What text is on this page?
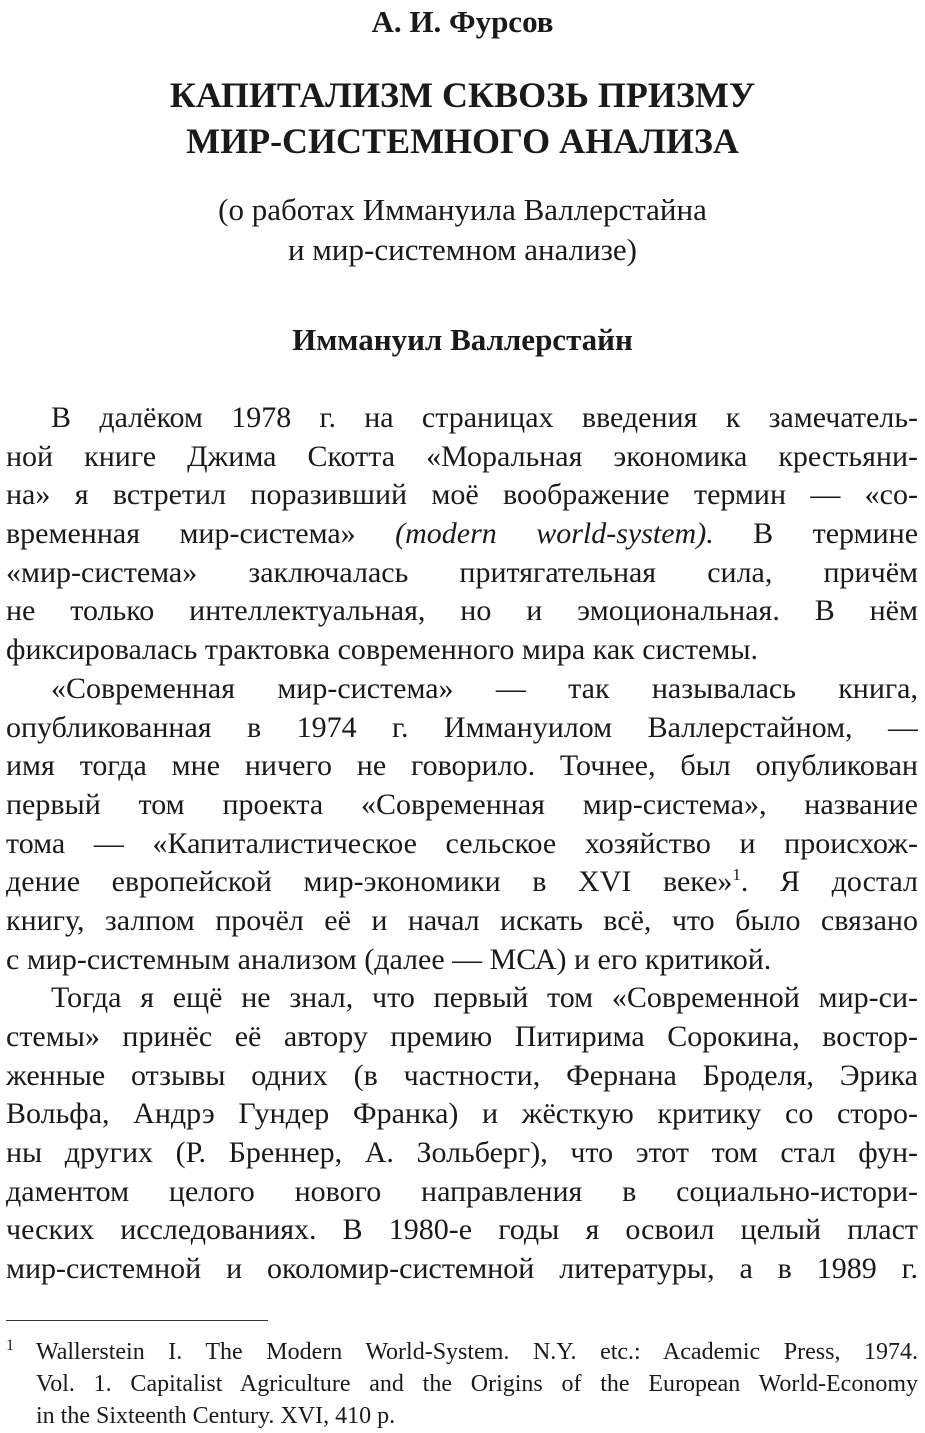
А. И. Фурсов
КАПИТАЛИЗМ СКВОЗЬ ПРИЗМУ
МИР-СИСТЕМНОГО АНАЛИЗА
(о работах Иммануила Валлерстайна
и мир-системном анализе)
Иммануил Валлерстайн
В далёком 1978 г. на страницах введения к замечатель-
ной книге Джима Скотта «Моральная экономика крестьяни-
на» я встретил поразивший моё воображение термин — «со-
временная мир-система» (modern world-system). В термине
«мир-система» заключалась притягательная сила, причём
не только интеллектуальная, но и эмоциональная. В нём
фиксировалась трактовка современного мира как системы.
«Современная мир-система» — так называлась книга,
опубликованная в 1974 г. Иммануилом Валлерстайном, —
имя тогда мне ничего не говорило. Точнее, был опубликован
первый том проекта «Современная мир-система», название
тома — «Капиталистическое сельское хозяйство и происхож-
дение европейской мир-экономики в XVI веке»$^1$. Я достал
книгу, залпом прочёл её и начал искать всё, что было связано
с мир-системным анализом (далее — МСА) и его критикой.
Тогда я ещё не знал, что первый том «Современной мир-си-
стемы» принёс её автору премию Питирима Сорокина, востор-
женные отзывы одних (в частности, Фернана Броделя, Эрика
Вольфа, Андрэ Гундер Франка) и жёсткую критику со сторо-
ны других (Р. Бреннер, А. Зольберг), что этот том стал фун-
даментом целого нового направления в социально-истори-
ческих исследованиях. В 1980-е годы я освоил целый пласт
мир-системной и околомир-системной литературы, а в 1989 г.
1 Wallerstein I. The Modern World-System. N.Y. etc.: Academic Press, 1974.
Vol. 1. Capitalist Agriculture and the Origins of the European World-Economy
in the Sixteenth Century. XVI, 410 p.
